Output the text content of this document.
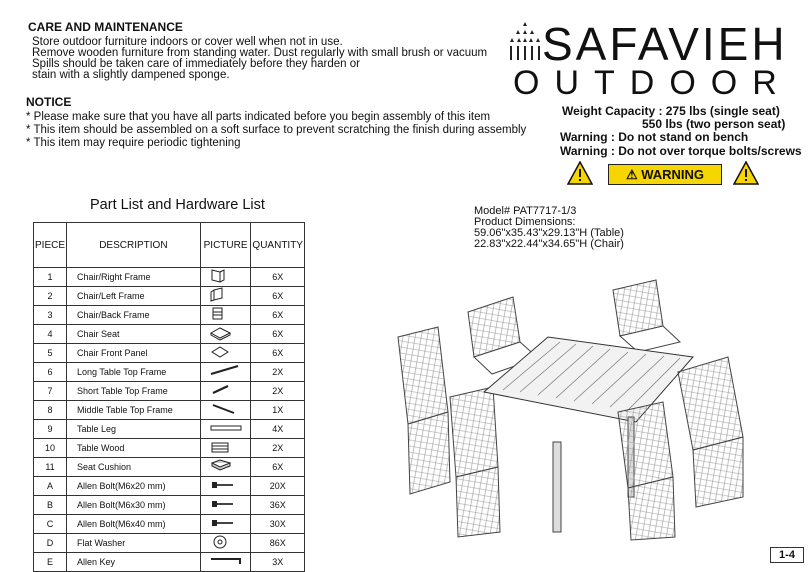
CARE AND MAINTENANCE
Store outdoor furniture indoors or cover well when not in use.
Remove wooden furniture from standing water. Dust regularly with small brush or vacuum
Spills should be taken care of immediately before they harden or
stain with a slightly dampened sponge.
NOTICE
* Please make sure that you have all parts indicated before you begin assembly of this item
* This item should be assembled on a soft surface to prevent scratching the finish during assembly
* This item may require periodic tightening
SAFAVIEH
OUTDOOR
Weight Capacity : 275 lbs (single seat)
550 lbs (two person seat)
Warning : Do not stand on bench
Warning : Do not over torque bolts/screws
⚠ WARNING
Part List and Hardware List	Model# PAT7717-1/3
Product Dimensions:
59.06"x35.43"x29.13"H (Table)
22.83"x22.44"x34.65"H (Chair)
PIECE	DESCRIPTION	PICTURE	QUANTITY
1	Chair/Right Frame		6X
2	Chair/Left Frame		6X
3	Chair/Back Frame		6X
4	Chair Seat		6X
5	Chair Front Panel		6X
6	Long Table Top Frame		2X
7	Short Table Top Frame		2X
8	Middle Table Top Frame		1X
9	Table Leg		4X
10	Table Wood		2X
11	Seat Cushion		6X
A	Allen Bolt(M6x20 mm)		20X
B	Allen Bolt(M6x30 mm)		36X
C	Allen Bolt(M6x40 mm)		30X
D	Flat Washer		86X
E	Allen Key		3X
1-4
